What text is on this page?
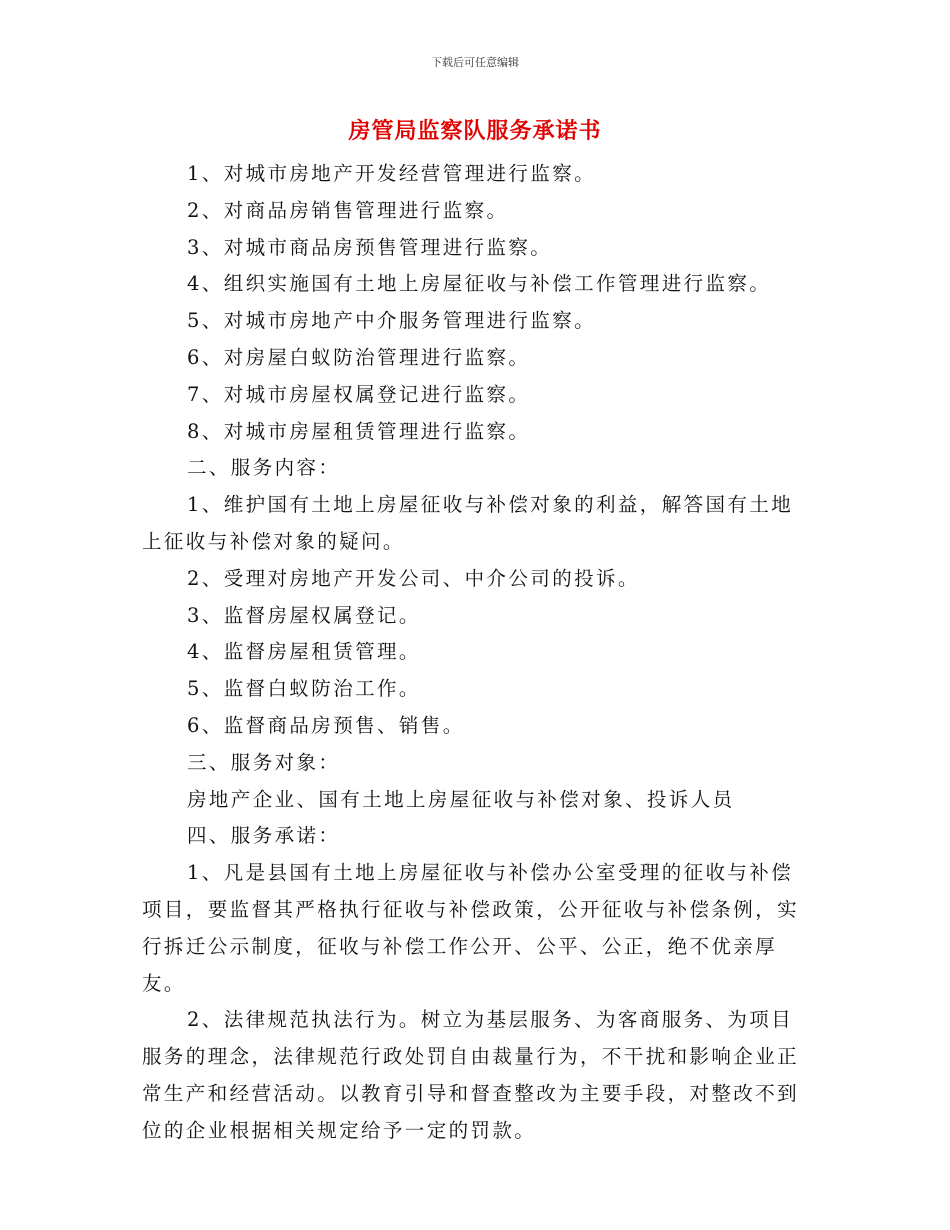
下载后可任意编辑
房管局监察队服务承诺书

1、对城市房地产开发经营管理进行监察。

2、对商品房销售管理进行监察。

3、对城市商品房预售管理进行监察。

4、组织实施国有土地上房屋征收与补偿工作管理进行监察。

5、对城市房地产中介服务管理进行监察。

6、对房屋白蚁防治管理进行监察。

7、对城市房屋权属登记进行监察。

8、对城市房屋租赁管理进行监察。

二、服务内容：

1、维护国有土地上房屋征收与补偿对象的利益，解答国有土地上征收与补偿对象的疑问。

2、受理对房地产开发公司、中介公司的投诉。

3、监督房屋权属登记。

4、监督房屋租赁管理。

5、监督白蚁防治工作。

6、监督商品房预售、销售。

三、服务对象：

房地产企业、国有土地上房屋征收与补偿对象、投诉人员

四、服务承诺：

1、凡是县国有土地上房屋征收与补偿办公室受理的征收与补偿项目，要监督其严格执行征收与补偿政策，公开征收与补偿条例，实行拆迁公示制度，征收与补偿工作公开、公平、公正，绝不优亲厚友。

2、法律规范执法行为。树立为基层服务、为客商服务、为项目服务的理念，法律规范行政处罚自由裁量行为，不干扰和影响企业正常生产和经营活动。以教育引导和督查整改为主要手段，对整改不到位的企业根据相关规定给予一定的罚款。
